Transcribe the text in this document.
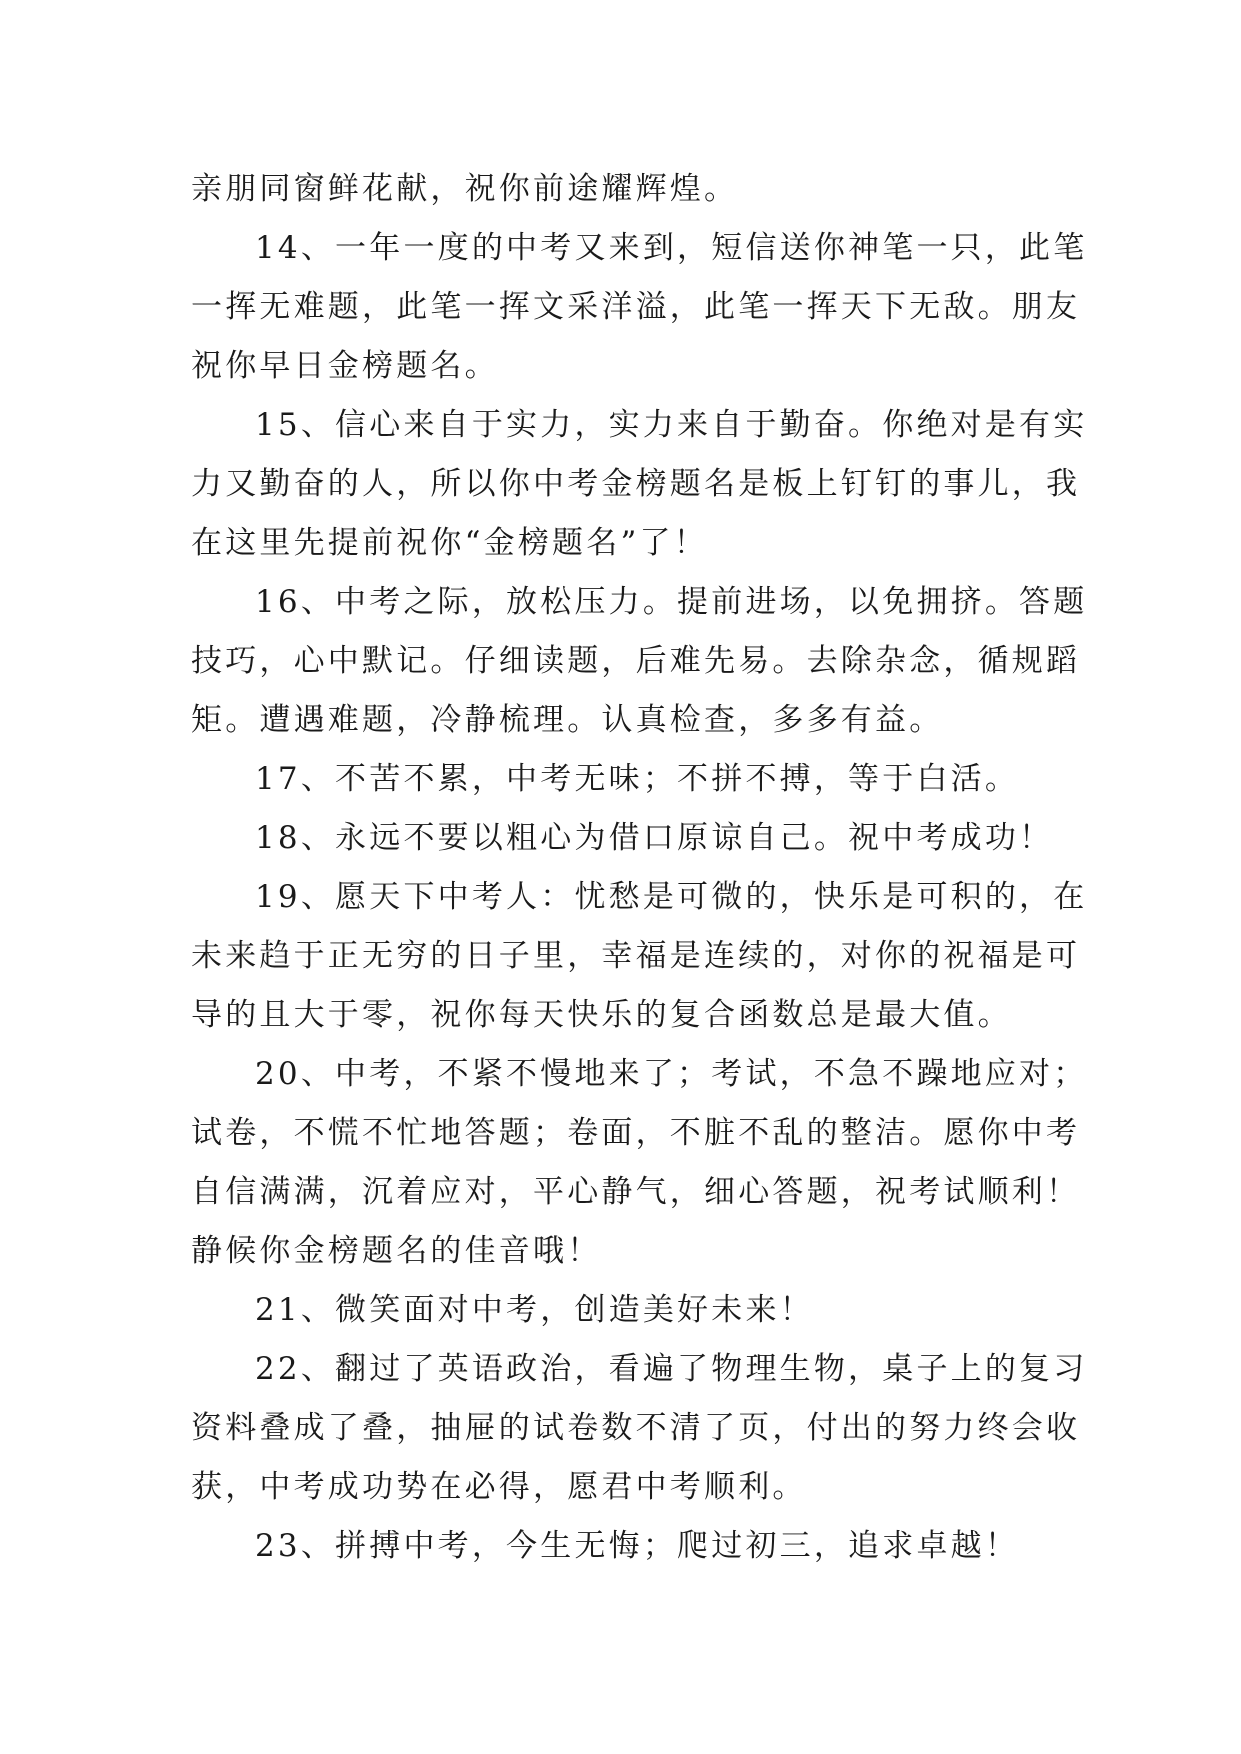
亲朋同窗鲜花献，祝你前途耀辉煌。
14、一年一度的中考又来到，短信送你神笔一只，此笔
一挥无难题，此笔一挥文采洋溢，此笔一挥天下无敌。朋友
祝你早日金榜题名。
15、信心来自于实力，实力来自于勤奋。你绝对是有实
力又勤奋的人，所以你中考金榜题名是板上钉钉的事儿，我
在这里先提前祝你“金榜题名”了！
16、中考之际，放松压力。提前进场，以免拥挤。答题
技巧，心中默记。仔细读题，后难先易。去除杂念，循规蹈
矩。遭遇难题，冷静梳理。认真检查，多多有益。
17、不苦不累，中考无味；不拼不搏，等于白活。
18、永远不要以粗心为借口原谅自己。祝中考成功！
19、愿天下中考人：忧愁是可微的，快乐是可积的，在
未来趋于正无穷的日子里，幸福是连续的，对你的祝福是可
导的且大于零，祝你每天快乐的复合函数总是最大值。
20、中考，不紧不慢地来了；考试，不急不躁地应对；
试卷，不慌不忙地答题；卷面，不脏不乱的整洁。愿你中考
自信满满，沉着应对，平心静气，细心答题，祝考试顺利！
静候你金榜题名的佳音哦！
21、微笑面对中考，创造美好未来！
22、翻过了英语政治，看遍了物理生物，桌子上的复习
资料叠成了叠，抽屉的试卷数不清了页，付出的努力终会收
获，中考成功势在必得，愿君中考顺利。
23、拼搏中考，今生无悔；爬过初三，追求卓越！
